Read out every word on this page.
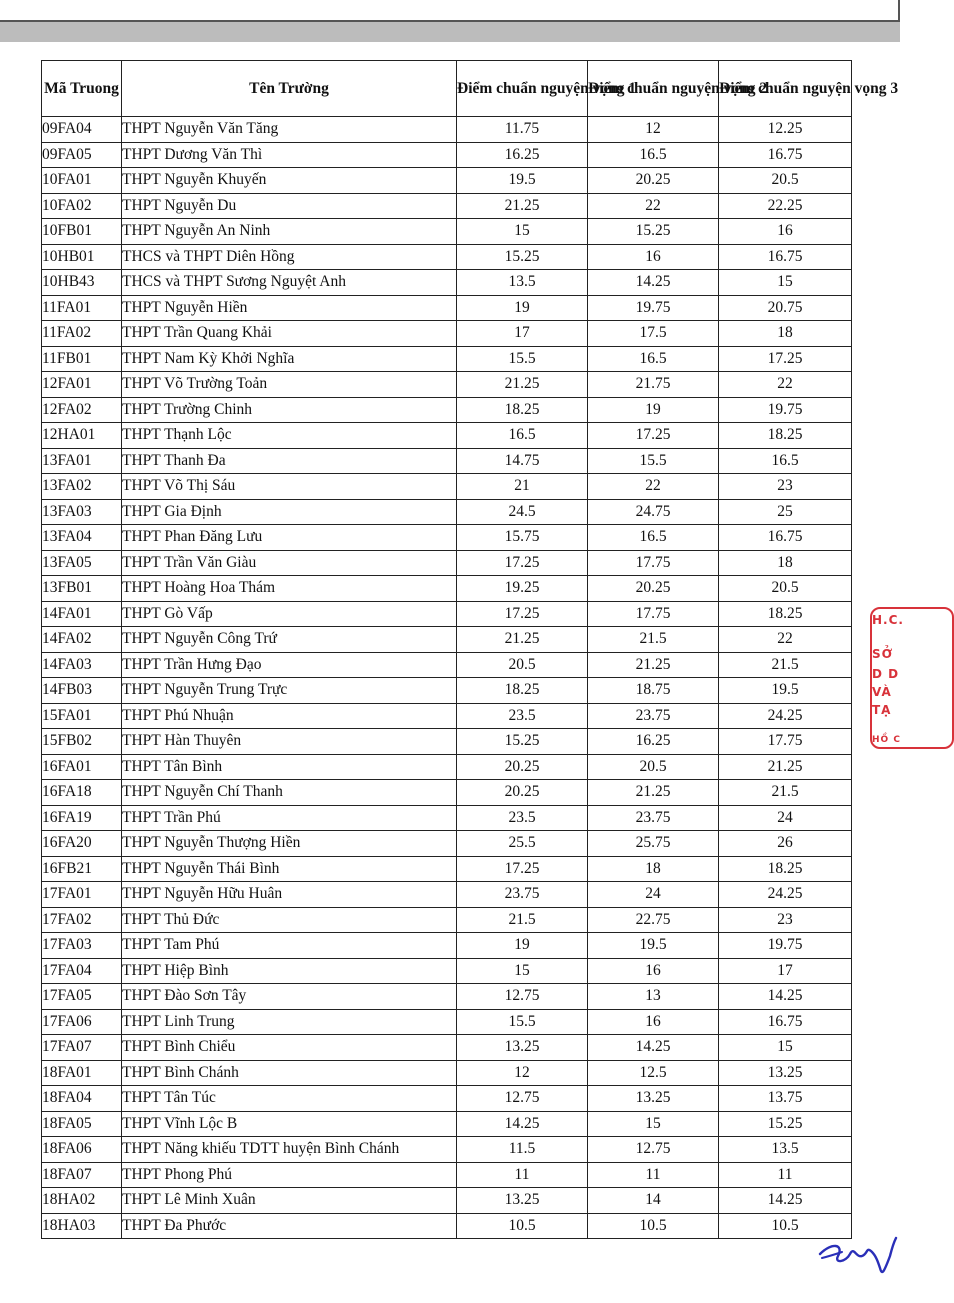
Mã Truong	Tên Trường	Điểm chuẩn nguyện vọng 1	Điểm chuẩn nguyện vọng 2	Điểm chuẩn nguyện vọng 3
09FA04	THPT Nguyễn Văn Tăng	11.75	12	12.25
09FA05	THPT Dương Văn Thì	16.25	16.5	16.75
10FA01	THPT Nguyễn Khuyến	19.5	20.25	20.5
10FA02	THPT Nguyễn Du	21.25	22	22.25
10FB01	THPT Nguyễn An Ninh	15	15.25	16
10HB01	THCS và THPT Diên Hồng	15.25	16	16.75
10HB43	THCS và THPT Sương Nguyệt Anh	13.5	14.25	15
11FA01	THPT Nguyễn Hiền	19	19.75	20.75
11FA02	THPT Trần Quang Khải	17	17.5	18
11FB01	THPT Nam Kỳ Khởi Nghĩa	15.5	16.5	17.25
12FA01	THPT Võ Trường Toản	21.25	21.75	22
12FA02	THPT Trường Chinh	18.25	19	19.75
12HA01	THPT Thạnh Lộc	16.5	17.25	18.25
13FA01	THPT Thanh Đa	14.75	15.5	16.5
13FA02	THPT Võ Thị Sáu	21	22	23
13FA03	THPT Gia Định	24.5	24.75	25
13FA04	THPT Phan Đăng Lưu	15.75	16.5	16.75
13FA05	THPT Trần Văn Giàu	17.25	17.75	18
13FB01	THPT Hoàng Hoa Thám	19.25	20.25	20.5
14FA01	THPT Gò Vấp	17.25	17.75	18.25
14FA02	THPT Nguyễn Công Trứ	21.25	21.5	22
14FA03	THPT Trần Hưng Đạo	20.5	21.25	21.5
14FB03	THPT Nguyễn Trung Trực	18.25	18.75	19.5
15FA01	THPT Phú Nhuận	23.5	23.75	24.25
15FB02	THPT Hàn Thuyên	15.25	16.25	17.75
16FA01	THPT Tân Bình	20.25	20.5	21.25
16FA18	THPT Nguyễn Chí Thanh	20.25	21.25	21.5
16FA19	THPT Trần Phú	23.5	23.75	24
16FA20	THPT Nguyễn Thượng Hiền	25.5	25.75	26
16FB21	THPT Nguyễn Thái Bình	17.25	18	18.25
17FA01	THPT Nguyễn Hữu Huân	23.75	24	24.25
17FA02	THPT Thủ Đức	21.5	22.75	23
17FA03	THPT Tam Phú	19	19.5	19.75
17FA04	THPT Hiệp Bình	15	16	17
17FA05	THPT Đào Sơn Tây	12.75	13	14.25
17FA06	THPT Linh Trung	15.5	16	16.75
17FA07	THPT Bình Chiểu	13.25	14.25	15
18FA01	THPT Bình Chánh	12	12.5	13.25
18FA04	THPT Tân Túc	12.75	13.25	13.75
18FA05	THPT Vĩnh Lộc B	14.25	15	15.25
18FA06	THPT Năng khiếu TDTT huyện Bình Chánh	11.5	12.75	13.5
18FA07	THPT Phong Phú	11	11	11
18HA02	THPT Lê Minh Xuân	13.25	14	14.25
18HA03	THPT Đa Phước	10.5	10.5	10.5
H.C.
SỞ
D D
VÀ
TẠ
HỒ C
